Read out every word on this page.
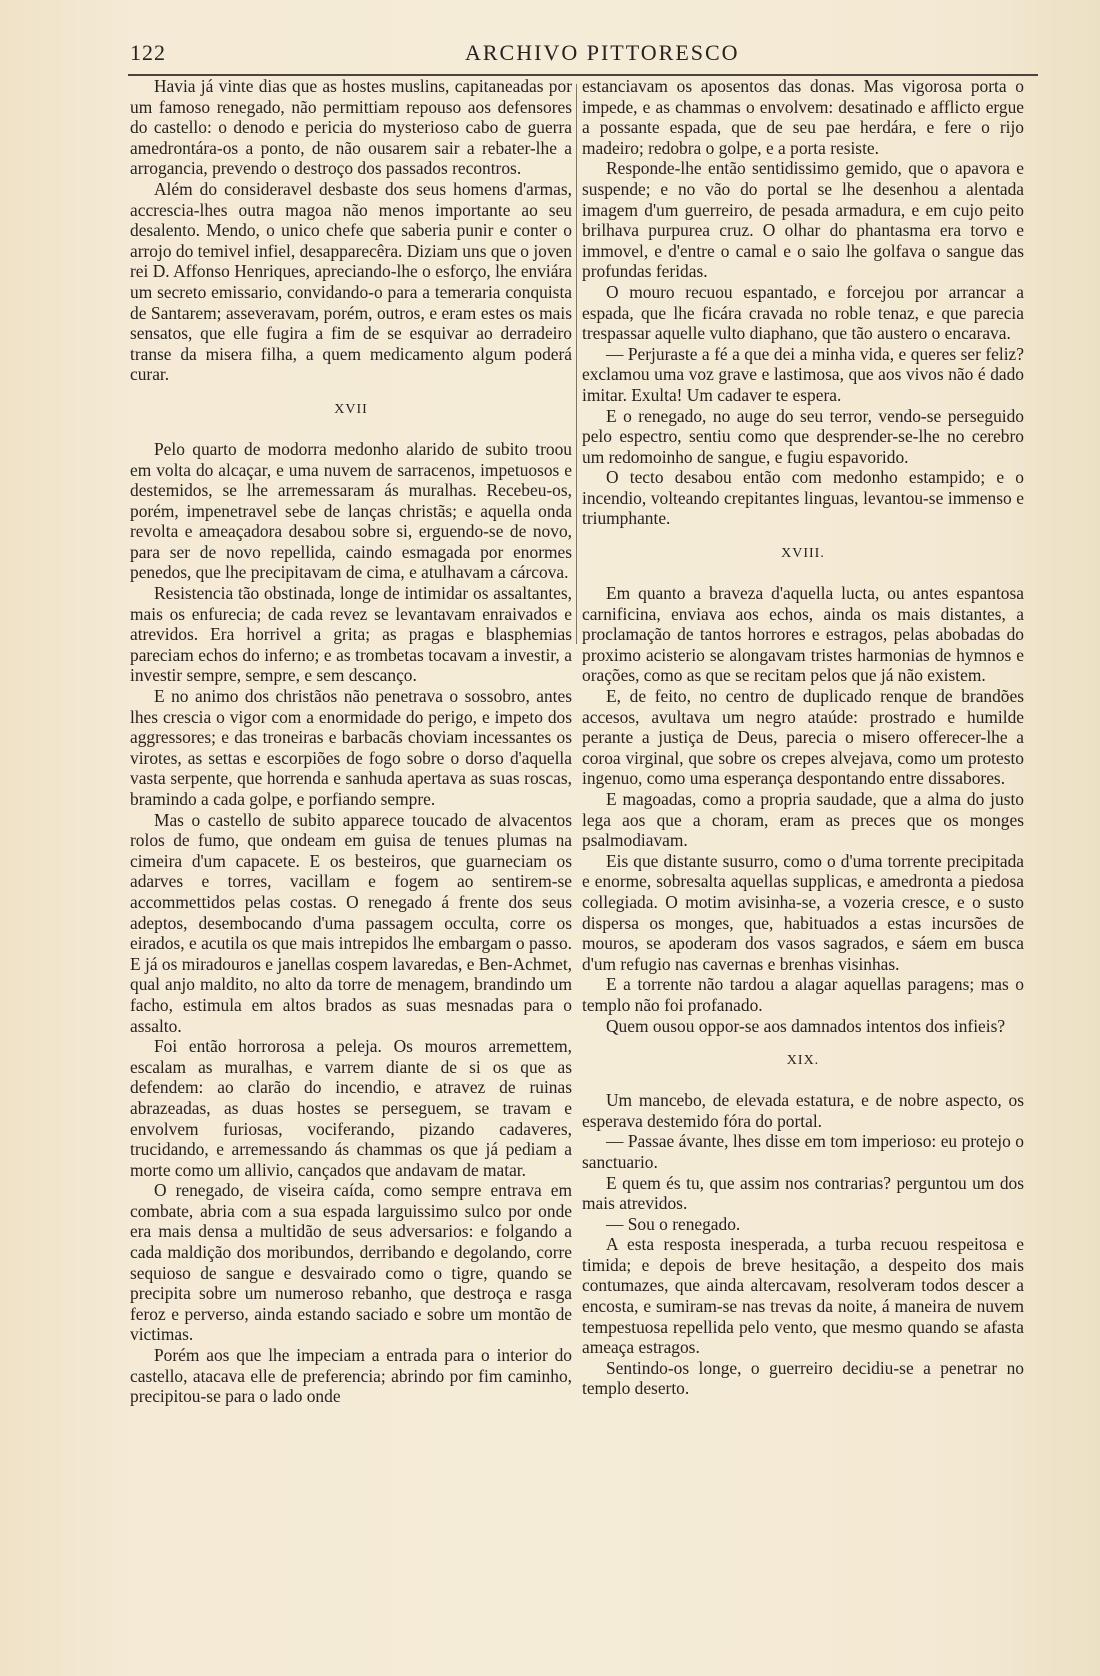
122	ARCHIVO PITTORESCO

Havia já vinte dias que as hostes muslins, capitaneadas por um famoso renegado, não permittiam repouso aos defensores do castello: o denodo e pericia do mysterioso cabo de guerra amedrontára-os a ponto, de não ousarem sair a rebater-lhe a arrogancia, prevendo o destroço dos passados recontros.

Além do consideravel desbaste dos seus homens d'armas, accrescia-lhes outra magoa não menos importante ao seu desalento. Mendo, o unico chefe que saberia punir e conter o arrojo do temivel infiel, desapparecêra. Diziam uns que o joven rei D. Affonso Henriques, apreciando-lhe o esforço, lhe enviára um secreto emissario, convidando-o para a temeraria conquista de Santarem; asseveravam, porém, outros, e eram estes os mais sensatos, que elle fugira a fim de se esquivar ao derradeiro transe da misera filha, a quem medicamento algum poderá curar.

XVII

Pelo quarto de modorra medonho alarido de subito troou em volta do alcaçar, e uma nuvem de sarracenos, impetuosos e destemidos, se lhe arremessaram ás muralhas. Recebeu-os, porém, impenetravel sebe de lanças christãs; e aquella onda revolta e ameaçadora desabou sobre si, erguendo-se de novo, para ser de novo repellida, caindo esmagada por enormes penedos, que lhe precipitavam de cima, e atulhavam a cárcova.

Resistencia tão obstinada, longe de intimidar os assaltantes, mais os enfurecia; de cada revez se levantavam enraivados e atrevidos. Era horrivel a grita; as pragas e blasphemias pareciam echos do inferno; e as trombetas tocavam a investir, a investir sempre, sempre, e sem descanço.

E no animo dos christãos não penetrava o sossobro, antes lhes crescia o vigor com a enormidade do perigo, e impeto dos aggressores; e das troneiras e barbacãs choviam incessantes os virotes, as settas e escorpiões de fogo sobre o dorso d'aquella vasta serpente, que horrenda e sanhuda apertava as suas roscas, bramindo a cada golpe, e porfiando sempre.

Mas o castello de subito apparece toucado de alvacentos rolos de fumo, que ondeam em guisa de tenues plumas na cimeira d'um capacete. E os besteiros, que guarneciam os adarves e torres, vacillam e fogem ao sentirem-se accommettidos pelas costas. O renegado á frente dos seus adeptos, desembocando d'uma passagem occulta, corre os eirados, e acutila os que mais intrepidos lhe embargam o passo. E já os miradouros e janellas cospem lavaredas, e Ben-Achmet, qual anjo maldito, no alto da torre de menagem, brandindo um facho, estimula em altos brados as suas mesnadas para o assalto.

Foi então horrorosa a peleja. Os mouros arremettem, escalam as muralhas, e varrem diante de si os que as defendem: ao clarão do incendio, e atravez de ruinas abrazeadas, as duas hostes se perseguem, se travam e envolvem furiosas, vociferando, pizando cadaveres, trucidando, e arremessando ás chammas os que já pediam a morte como um allivio, cançados que andavam de matar.

O renegado, de viseira caída, como sempre entrava em combate, abria com a sua espada larguissimo sulco por onde era mais densa a multidão de seus adversarios: e folgando a cada maldição dos moribundos, derribando e degolando, corre sequioso de sangue e desvairado como o tigre, quando se precipita sobre um numeroso rebanho, que destroça e rasga feroz e perverso, ainda estando saciado e sobre um montão de victimas.

Porém aos que lhe impeciam a entrada para o interior do castello, atacava elle de preferencia; abrindo por fim caminho, precipitou-se para o lado onde

estanciavam os aposentos das donas. Mas vigorosa porta o impede, e as chammas o envolvem: desatinado e afflicto ergue a possante espada, que de seu pae herdára, e fere o rijo madeiro; redobra o golpe, e a porta resiste.

Responde-lhe então sentidissimo gemido, que o apavora e suspende; e no vão do portal se lhe desenhou a alentada imagem d'um guerreiro, de pesada armadura, e em cujo peito brilhava purpurea cruz. O olhar do phantasma era torvo e immovel, e d'entre o camal e o saio lhe golfava o sangue das profundas feridas.

O mouro recuou espantado, e forcejou por arrancar a espada, que lhe ficára cravada no roble tenaz, e que parecia trespassar aquelle vulto diaphano, que tão austero o encarava.

— Perjuraste a fé a que dei a minha vida, e queres ser feliz? exclamou uma voz grave e lastimosa, que aos vivos não é dado imitar. Exulta! Um cadaver te espera.

E o renegado, no auge do seu terror, vendo-se perseguido pelo espectro, sentiu como que desprender-se-lhe no cerebro um redomoinho de sangue, e fugiu espavorido.

O tecto desabou então com medonho estampido; e o incendio, volteando crepitantes linguas, levantou-se immenso e triumphante.

XVIII.

Em quanto a braveza d'aquella lucta, ou antes espantosa carnificina, enviava aos echos, ainda os mais distantes, a proclamação de tantos horrores e estragos, pelas abobadas do proximo acisterio se alongavam tristes harmonias de hymnos e orações, como as que se recitam pelos que já não existem.

E, de feito, no centro de duplicado renque de brandões accesos, avultava um negro ataúde: prostrado e humilde perante a justiça de Deus, parecia o misero offerecer-lhe a coroa virginal, que sobre os crepes alvejava, como um protesto ingenuo, como uma esperança despontando entre dissabores.

E magoadas, como a propria saudade, que a alma do justo lega aos que a choram, eram as preces que os monges psalmodiavam.

Eis que distante susurro, como o d'uma torrente precipitada e enorme, sobresalta aquellas supplicas, e amedronta a piedosa collegiada. O motim avisinha-se, a vozeria cresce, e o susto dispersa os monges, que, habituados a estas incursões de mouros, se apoderam dos vasos sagrados, e sáem em busca d'um refugio nas cavernas e brenhas visinhas.

E a torrente não tardou a alagar aquellas paragens; mas o templo não foi profanado.

Quem ousou oppor-se aos damnados intentos dos infieis?

XIX.

Um mancebo, de elevada estatura, e de nobre aspecto, os esperava destemido fóra do portal.

— Passae ávante, lhes disse em tom imperioso: eu protejo o sanctuario.

E quem és tu, que assim nos contrarias? perguntou um dos mais atrevidos.

— Sou o renegado.

A esta resposta inesperada, a turba recuou respeitosa e timida; e depois de breve hesitação, a despeito dos mais contumazes, que ainda altercavam, resolveram todos descer a encosta, e sumiram-se nas trevas da noite, á maneira de nuvem tempestuosa repellida pelo vento, que mesmo quando se afasta ameaça estragos.

Sentindo-os longe, o guerreiro decidiu-se a penetrar no templo deserto.
